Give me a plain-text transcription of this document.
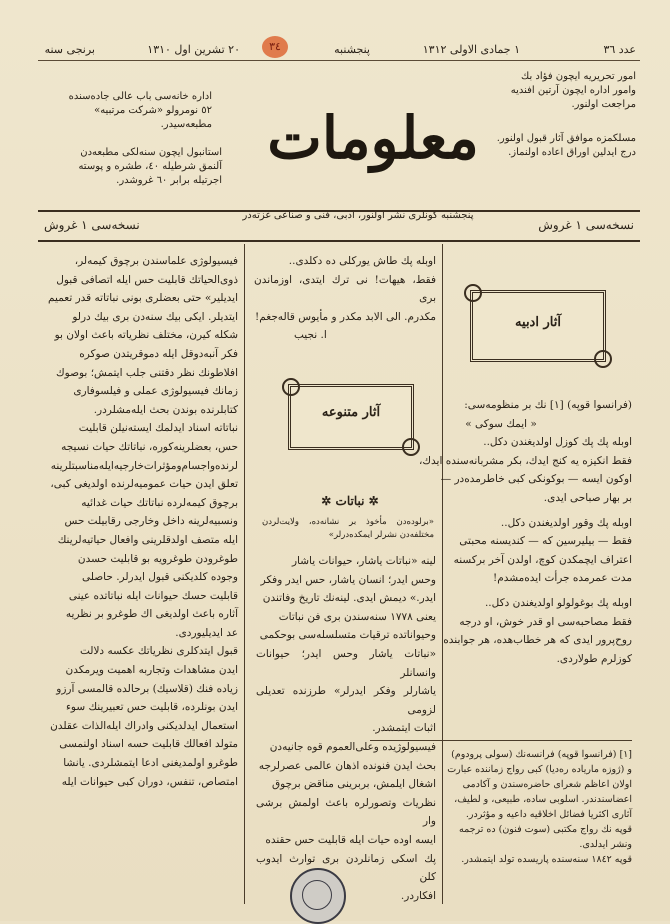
عدد ٣٦
١ جمادی الاولی ١٣١٢
پنجشنبه
٢٠ تشرین اول ١٣١٠
برنجی سنه	٣٤
امور تحریریه ایچون فؤاد بك
وامور اداره ایچون آرتین افندیه
مراجعت اولنور.
اداره خانه‌سی باب عالی جاده‌سنده
٥٢ نومرولو «شرکت مرتبیه»
مطبعه‌سیدر.
مسلکمزه موافق آثار قبول اولنور.
درج ایدلین اوراق اعاده اولنماز.
استانبول ایچون سنه‌لکی مطبعه‌دن
آلنمق شرطیله ٤٠، طشره و پوسته
اجرتیله برابر ٦٠ غروشدر.
معلومات
پنجشنبه کونلری نشر اولنور، ادبی، فنی و صناعی غزته‌در
نسخه‌سی ١ غروش
نسخه‌سی ١ غروش
آثار ادبیه

(فرانسوا قوپه) [١] نك بر منظومه‌سی:

« ایمك سوکی »

اوبله پك پك کوزل اولدیغندن دکل..

فقط انکیزه یه کنج ایدك، بکر مشربانه‌سنده ایدك،

اوکون ایسه — بوکونکی کبی خاطرمده‌در —

بر بهار صباحی ایدی.

اوبله پك وقور اولدیغندن دکل..

فقط — بیلیرسین که — کندیسنه محبتی

اعتراف ایچمکدن کوچ، اولدن آخر برکسنه

مدت عمرمده جرأت ایده‌مشدم!

اوبله پك بوغولولو اولدیغندن دکل..

فقط مصاحبه‌سی او قدر خوش، او درجه

روح‌پرور ایدی که هر خطاب‌هده، هر جوابنده

کوزلرم طولاردی.

[١] (فرانسوا قوپه) فرانسه‌نك (سولی پرودوم)
و (ژوزه ماریاده ره‌دیا) کبی رواج زماننده عبارت
اولان اعاظم شعرای حاضره‌سندن و آکادمی
اعضاسندندر. اسلوبی ساده، طبیعی، و لطیف،
آثاری اکثریا فضائل اخلاقیه داعیه و مؤثردر.
قوپه نك رواج مکتبی (سوت فنون) ده ترجمه
ونشر ایدلدی.
قوپه ١٨٤٢ سنه‌سنده پاریسده تولد ایتمشدر.

اوبله پك طاش یورکلی ده دکلدی..

فقط، هیهات! نی ترك ایتدی، اوزماندن بری

مکدرم. الی الابد مکدر و مأیوس قاله‌جغم!

ا. نجیب

آثار متنوعه
✲ نباتات ✲
«برلوده‌دن مأخوذ بر نشانه‌ده، ولایت‌لردن مختلفه‌دن نشرلر ایمکده‌درلر»

لینه «نباتات یاشار، حیوانات یاشار

وحس ایدر؛ انسان یاشار، حس ایدر وفکر

ایدر.» دیمش ایدی. لینه‌نك تاریخ وفاتندن

یعنی ١٧٧٨ سنه‌سندن بری فن نباتات

وحیواناتده ترقیات متسلسله‌سی بوحکمی

«نباتات یاشار وحس ایدر؛ حیوانات وانسانلر

یاشارلر وفکر ایدرلر» طرزنده تعدیلی لزومی

اثبات ایتمشدر.

فیسیولوژیده وعلی‌العموم قوه جانیه‌دن

بحث ایدن فنونده اذهان عالمی عصرلرجه

اشغال ایلمش، بربرینی مناقض برچوق

نظریات وتصورلره باعث اولمش برشی وار

ایسه اوده حیات ایله قابلیت حس حقنده

پك اسکی زمانلردن بری توارث ایدوب کلن

افکاردر.

فیسیولوژی علماسندن برچوق کیمه‌لر،

ذوی‌الحیاتك قابلیت حس ایله اتصافی قبول

ایدیلیر» حتی بعضلری بونی نباتاته قدر تعمیم

ایتدیلر. ایکی بیك سنه‌دن بری بیك درلو

شکله کیرن، مختلف نظریاته باعث اولان بو

فکر آنبه‌دوقل ایله دموقریتدن صوکره

افلاطونك نظر دقتنی جلب ایتمش؛ بوصوك

زمانك فیسیولوژی عملی و فیلسوفاری

کتابلرنده بوندن بحث ایله‌مشلردر.

نباتاته اسناد ایدلمك ایسته‌نیلن قابلیت

حس، بعضلرینه‌کوره، نباتاتك حیات نسیجه

لرنده‌واجسام‌ومؤثرات‌خارجیه‌ایله‌مناسبتلرینه

تعلق ایدن حیات عمومیه‌لرنده اولدیغی کبی،

برچوق کیمه‌لرده نباتاتك حیات غدائیه

ونسبیه‌لرینه داخل وخارجی رقابیلت حس

ایله متصف اولدقلرینی وافعال حیاتیه‌لرینك

طوغرودن طوغرویه بو قابلیت حسدن

وجوده کلدیکنی قبول ایدرلر. حاصلی

قابلیت حسك حیوانات ایله نباتاتده عینی

آثاره باعث اولدیغی اك طوغرو بر نظریه

عد ایدیلیوردی.

قبول ایتدکلری نظریاتك عکسه دلالت

ایدن مشاهدات وتجاربه اهمیت ویرمکدن

زیاده فنك (قلاسیك) برحالده قالمسی آرزو

ایدن بونلرده، قابلیت حس تعبیرینك سوء

استعمال ایدلدیکنی وادراك ایله‌الذات عقلدن

متولد افعالك قابلیت حسه اسناد اولنمسی

طوغرو اولمدیغنی ادعا ایتمشلردی. یانشا

امتصاص، تنفس، دوران کبی حیوانات ایله
